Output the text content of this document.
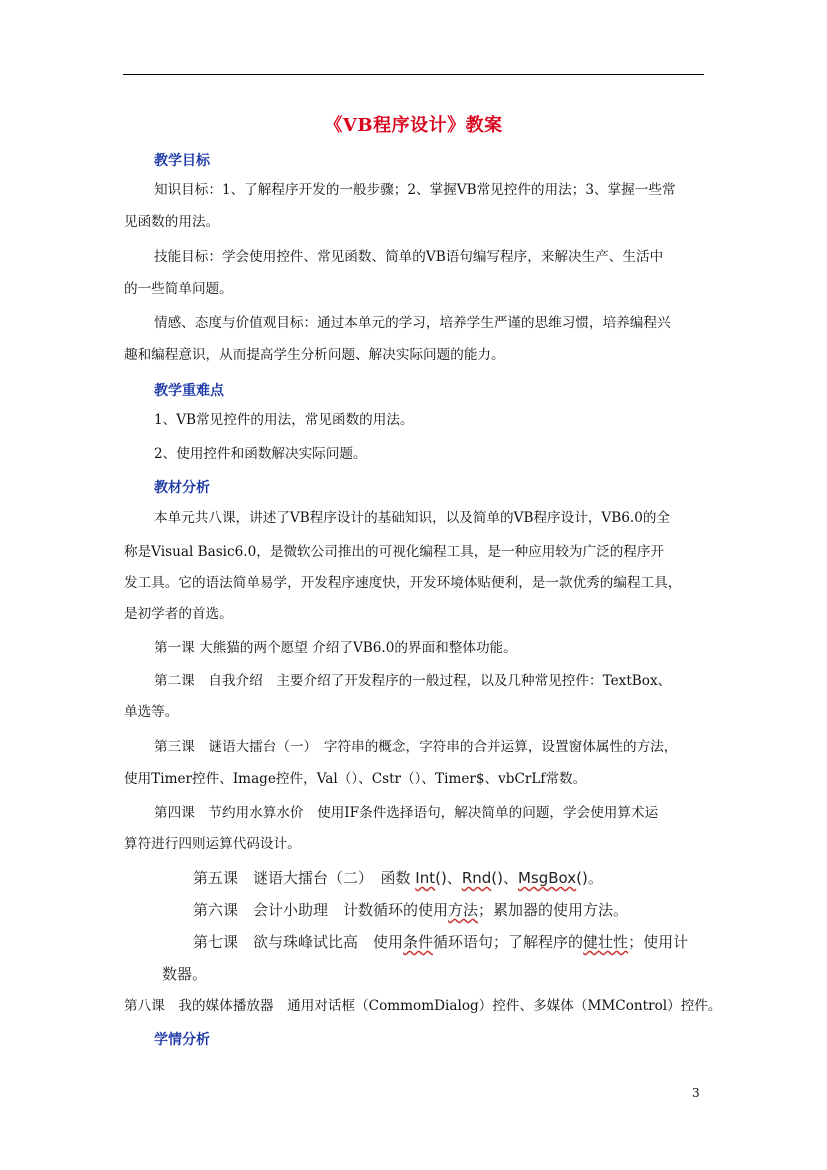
《VB程序设计》教案
教学目标
知识目标：1、了解程序开发的一般步骤；2、掌握VB常见控件的用法；3、掌握一些常
见函数的用法。
技能目标：学会使用控件、常见函数、简单的VB语句编写程序，来解决生产、生活中
的一些简单问题。
情感、态度与价值观目标：通过本单元的学习，培养学生严谨的思维习惯，培养编程兴
趣和编程意识，从而提高学生分析问题、解决实际问题的能力。
教学重难点
1、VB常见控件的用法，常见函数的用法。
2、使用控件和函数解决实际问题。
教材分析
本单元共八课，讲述了VB程序设计的基础知识，以及简单的VB程序设计，VB6.0的全
称是Visual Basic6.0，是微软公司推出的可视化编程工具，是一种应用较为广泛的程序开
发工具。它的语法简单易学，开发程序速度快，开发环境体贴便利，是一款优秀的编程工具，
是初学者的首选。
第一课 大熊猫的两个愿望 介绍了VB6.0的界面和整体功能。
第二课　自我介绍　主要介绍了开发程序的一般过程，以及几种常见控件：TextBox、
单选等。
第三课　谜语大擂台（一）　字符串的概念，字符串的合并运算，设置窗体属性的方法，
使用Timer控件、Image控件，Val（）、Cstr（）、Timer$、vbCrLf常数。
第四课　节约用水算水价　使用IF条件选择语句，解决简单的问题，学会使用算术运
算符进行四则运算代码设计。
第五课　谜语大擂台（二）　函数 Int()、Rnd()、MsgBox()。
第六课　会计小助理　计数循环的使用方法；累加器的使用方法。
第七课　欲与珠峰试比高　使用条件循环语句；了解程序的健壮性；使用计
数器。
第八课　我的媒体播放器　通用对话框（CommomDialog）控件、多媒体（MMControl）控件。
学情分析
3
